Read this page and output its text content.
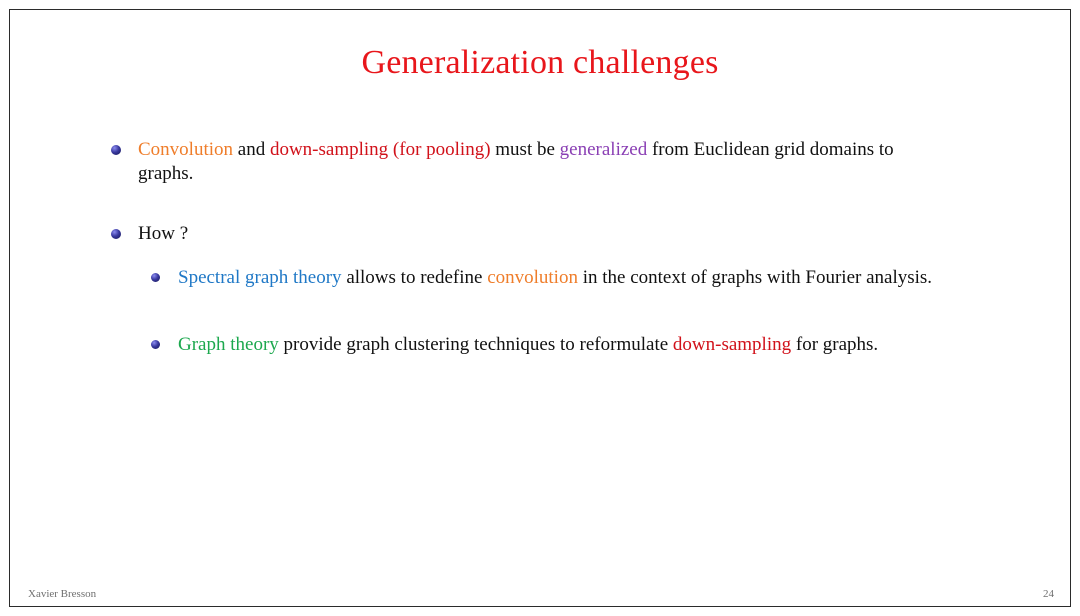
Generalization challenges
Convolution and down-sampling (for pooling) must be generalized from Euclidean grid domains to graphs.
How ?
Spectral graph theory allows to redefine convolution in the context of graphs with Fourier analysis.
Graph theory provide graph clustering techniques to reformulate down-sampling for graphs.
Xavier Bresson	24
